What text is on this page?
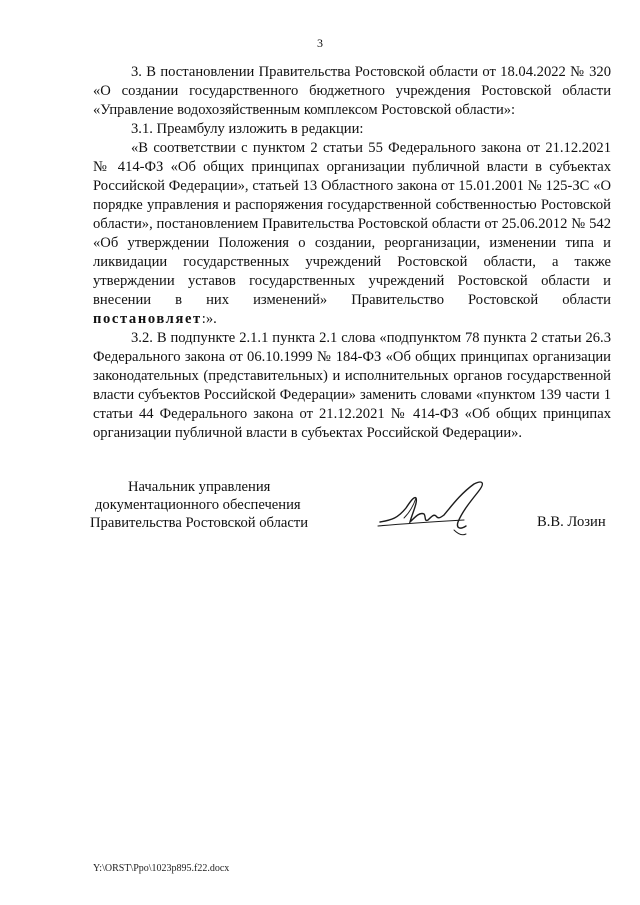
3

3. В постановлении Правительства Ростовской области от 18.04.2022 № 320 «О создании государственного бюджетного учреждения Ростовской области «Управление водохозяйственным комплексом Ростовской области»:

3.1. Преамбулу изложить в редакции:

«В соответствии с пунктом 2 статьи 55 Федерального закона от 21.12.2021 № 414-ФЗ «Об общих принципах организации публичной власти в субъектах Российской Федерации», статьей 13 Областного закона от 15.01.2001 № 125-ЗС «О порядке управления и распоряжения государственной собственностью Ростовской области», постановлением Правительства Ростовской области от 25.06.2012 № 542 «Об утверждении Положения о создании, реорганизации, изменении типа и ликвидации государственных учреждений Ростовской области, а также утверждении уставов государственных учреждений Ростовской области и внесении в них изменений» Правительство Ростовской области постановляет:».

3.2. В подпункте 2.1.1 пункта 2.1 слова «подпунктом 78 пункта 2 статьи 26.3 Федерального закона от 06.10.1999 № 184-ФЗ «Об общих принципах организации законодательных (представительных) и исполнительных органов государственной власти субъектов Российской Федерации» заменить словами «пунктом 139 части 1 статьи 44 Федерального закона от 21.12.2021 № 414-ФЗ «Об общих принципах организации публичной власти в субъектах Российской Федерации».

Начальник управления
документационного обеспечения
Правительства Ростовской области	В.В. Лозин
Y:\ORST\Ppo\1023p895.f22.docx
